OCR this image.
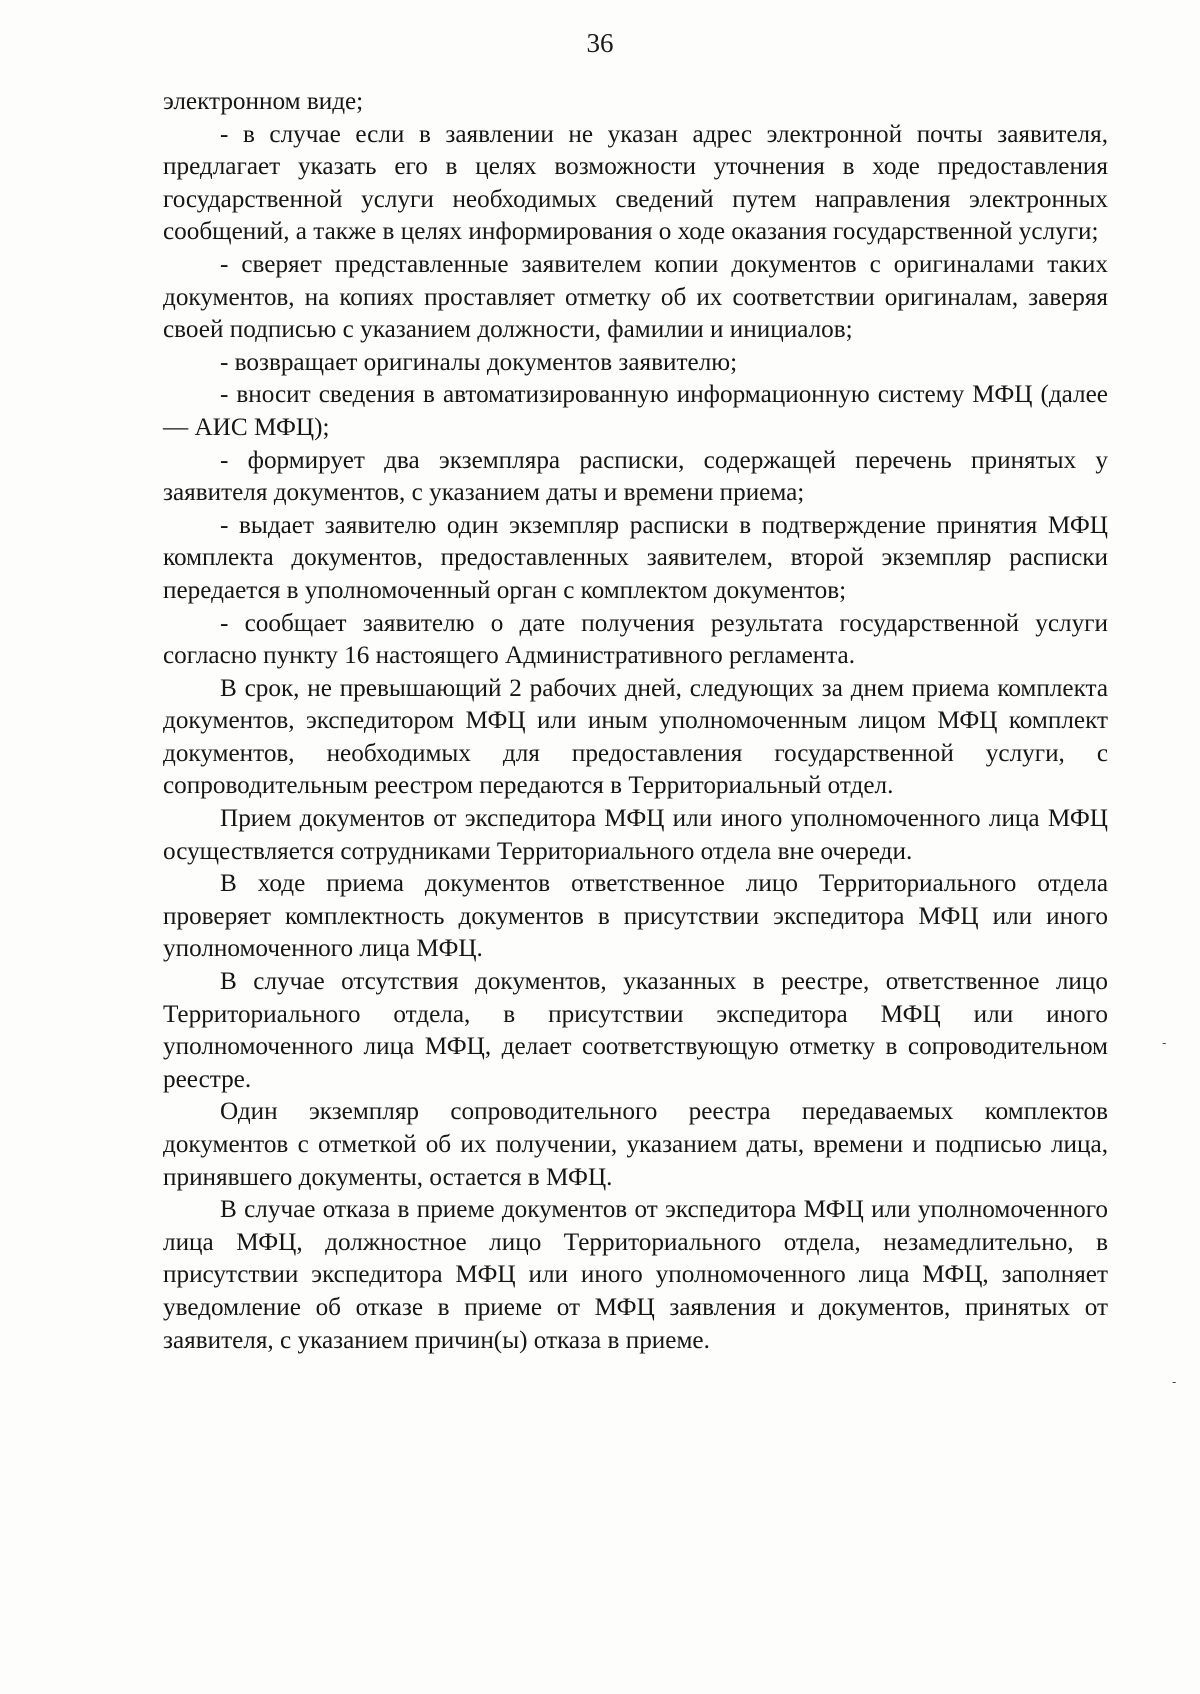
36

электронном виде;

- в случае если в заявлении не указан адрес электронной почты заявителя, предлагает указать его в целях возможности уточнения в ходе предоставления государственной услуги необходимых сведений путем направления электронных сообщений, а также в целях информирования о ходе оказания государственной услуги;

- сверяет представленные заявителем копии документов с оригиналами таких документов, на копиях проставляет отметку об их соответствии оригиналам, заверяя своей подписью с указанием должности, фамилии и инициалов;

- возвращает оригиналы документов заявителю;

- вносит сведения в автоматизированную информационную систему МФЦ (далее — АИС МФЦ);

- формирует два экземпляра расписки, содержащей перечень принятых у заявителя документов, с указанием даты и времени приема;

- выдает заявителю один экземпляр расписки в подтверждение принятия МФЦ комплекта документов, предоставленных заявителем, второй экземпляр расписки передается в уполномоченный орган с комплектом документов;

- сообщает заявителю о дате получения результата государственной услуги согласно пункту 16 настоящего Административного регламента.

В срок, не превышающий 2 рабочих дней, следующих за днем приема комплекта документов, экспедитором МФЦ или иным уполномоченным лицом МФЦ комплект документов, необходимых для предоставления государственной услуги, с сопроводительным реестром передаются в Территориальный отдел.

Прием документов от экспедитора МФЦ или иного уполномоченного лица МФЦ осуществляется сотрудниками Территориального отдела вне очереди.

В ходе приема документов ответственное лицо Территориального отдела проверяет комплектность документов в присутствии экспедитора МФЦ или иного уполномоченного лица МФЦ.

В случае отсутствия документов, указанных в реестре, ответственное лицо Территориального отдела, в присутствии экспедитора МФЦ или иного уполномоченного лица МФЦ, делает соответствующую отметку в сопроводительном реестре.

Один экземпляр сопроводительного реестра передаваемых комплектов документов с отметкой об их получении, указанием даты, времени и подписью лица, принявшего документы, остается в МФЦ.

В случае отказа в приеме документов от экспедитора МФЦ или уполномоченного лица МФЦ, должностное лицо Территориального отдела, незамедлительно, в присутствии экспедитора МФЦ или иного уполномоченного лица МФЦ, заполняет уведомление об отказе в приеме от МФЦ заявления и документов, принятых от заявителя, с указанием причин(ы) отказа в приеме.

-
-
